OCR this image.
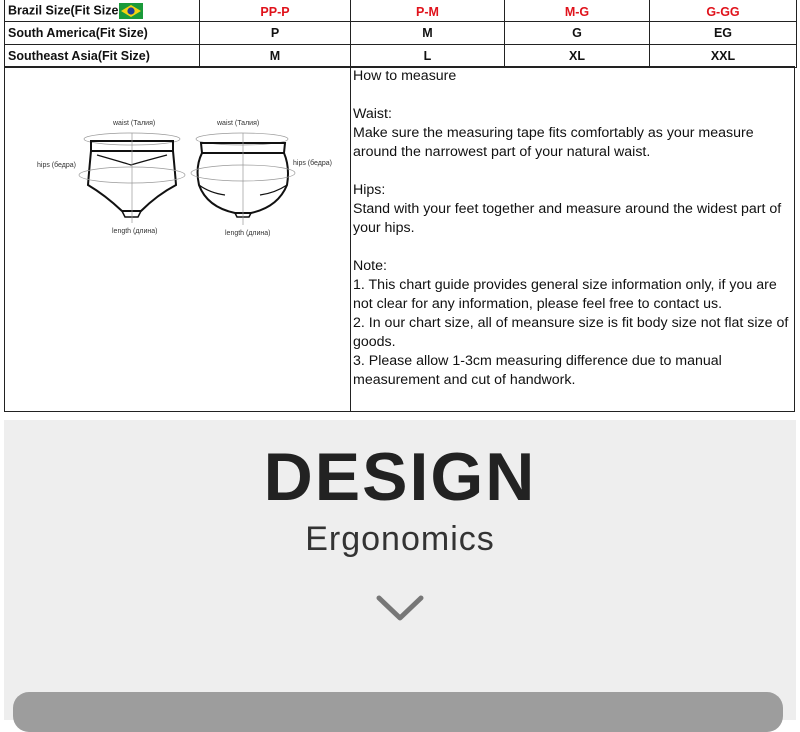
Brazil Size(Fit Size	PP-P	P-M	M-G	G-GG
South America(Fit Size)	P	M	G	EG
Southeast Asia(Fit Size)	M	L	XL	XXL
waist (Талия)
hips (бедра)
length (длина)
waist (Талия)
hips (бедра)
length (длина)

How to measure

Waist:

Make sure the measuring tape fits comfortably as your measure around the narrowest part of your natural waist.

Hips:

Stand with your feet together and measure around the widest part of your hips.

Note:

1. This chart guide provides general size information only, if you are not clear for any information, please feel free to contact us.

2. In our chart size, all of meansure size is fit body size not flat size of goods.

3. Please allow 1-3cm measuring difference due to manual measurement and cut of handwork.

DESIGN
Ergonomics
